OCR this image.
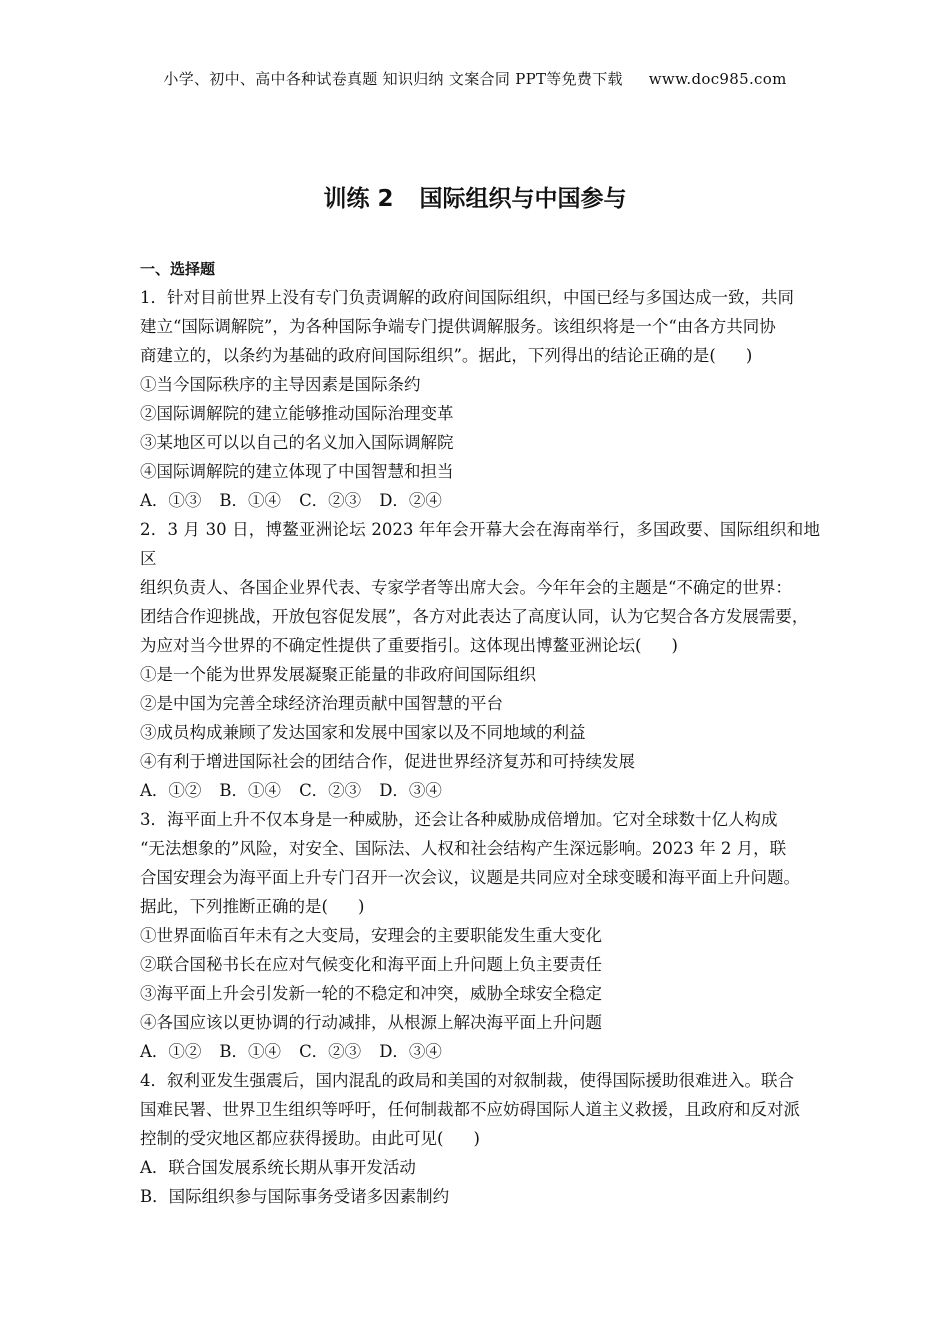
小学、初中、高中各种试卷真题 知识归纳 文案合同 PPT等免费下载 www.doc985.com
训练 2 国际组织与中国参与
一、选择题

1．针对目前世界上没有专门负责调解的政府间国际组织，中国已经与多国达成一致，共同

建立“国际调解院”，为各种国际争端专门提供调解服务。该组织将是一个“由各方共同协

商建立的，以条约为基础的政府间国际组织”。据此，下列得出的结论正确的是( )

①当今国际秩序的主导因素是国际条约

②国际调解院的建立能够推动国际治理变革

③某地区可以以自己的名义加入国际调解院

④国际调解院的建立体现了中国智慧和担当

A．①③ B．①④ C．②③ D．②④

2．3 月 30 日，博鳌亚洲论坛 2023 年年会开幕大会在海南举行，多国政要、国际组织和地区

组织负责人、各国企业界代表、专家学者等出席大会。今年年会的主题是“不确定的世界：

团结合作迎挑战，开放包容促发展”，各方对此表达了高度认同，认为它契合各方发展需要，

为应对当今世界的不确定性提供了重要指引。这体现出博鳌亚洲论坛( )

①是一个能为世界发展凝聚正能量的非政府间国际组织

②是中国为完善全球经济治理贡献中国智慧的平台

③成员构成兼顾了发达国家和发展中国家以及不同地域的利益

④有利于增进国际社会的团结合作，促进世界经济复苏和可持续发展

A．①② B．①④ C．②③ D．③④

3．海平面上升不仅本身是一种威胁，还会让各种威胁成倍增加。它对全球数十亿人构成

“无法想象的”风险，对安全、国际法、人权和社会结构产生深远影响。2023 年 2 月，联

合国安理会为海平面上升专门召开一次会议，议题是共同应对全球变暖和海平面上升问题。

据此，下列推断正确的是( )

①世界面临百年未有之大变局，安理会的主要职能发生重大变化

②联合国秘书长在应对气候变化和海平面上升问题上负主要责任

③海平面上升会引发新一轮的不稳定和冲突，威胁全球安全稳定

④各国应该以更协调的行动减排，从根源上解决海平面上升问题

A．①② B．①④ C．②③ D．③④

4．叙利亚发生强震后，国内混乱的政局和美国的对叙制裁，使得国际援助很难进入。联合

国难民署、世界卫生组织等呼吁，任何制裁都不应妨碍国际人道主义救援，且政府和反对派

控制的受灾地区都应获得援助。由此可见( )

A．联合国发展系统长期从事开发活动

B．国际组织参与国际事务受诸多因素制约
